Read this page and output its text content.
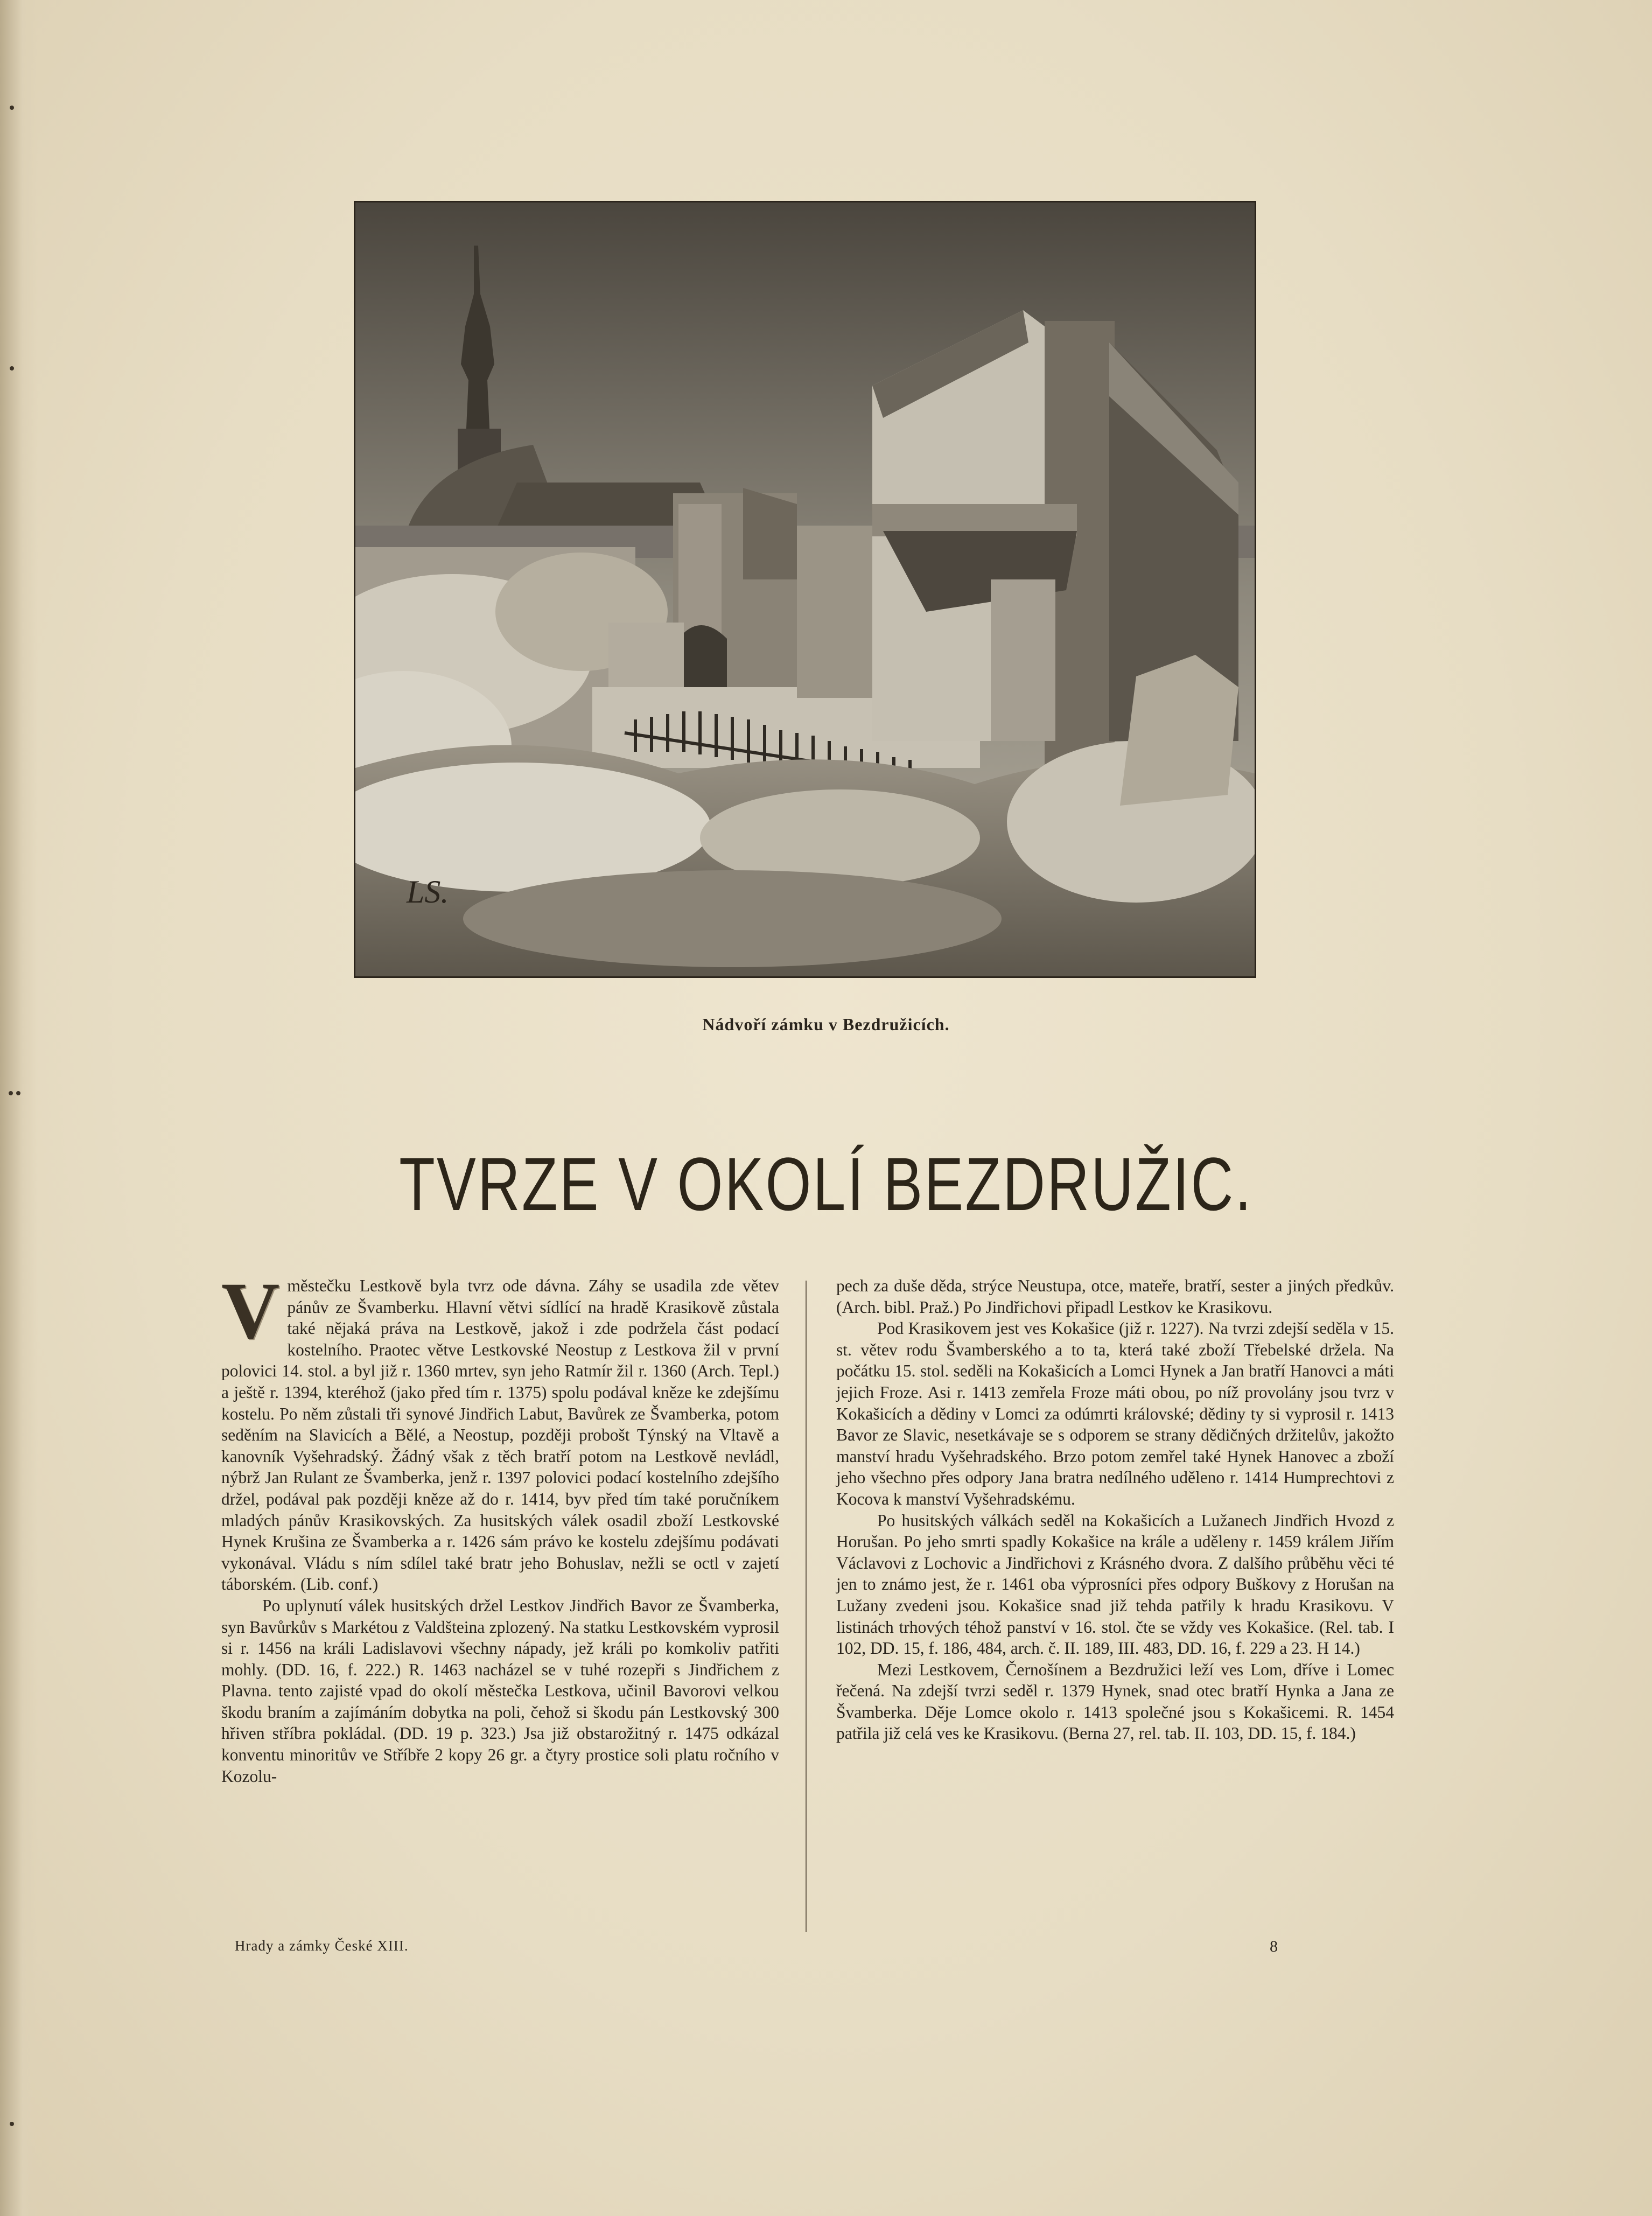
LS.
Nádvoří zámku v Bezdružicích.
TVRZE V OKOLÍ BEZDRUŽIC.

Vměstečku Lestkově byla tvrz ode dávna. Záhy se usadila zde větev pánův ze Švamberku. Hlavní větvi sídlící na hradě Krasikově zůstala také nějaká práva na Lestkově, jakož i zde podržela část podací kostelního. Praotec větve Lestkovské Neostup z Lestkova žil v první polovici 14. stol. a byl již r. 1360 mrtev, syn jeho Ratmír žil r. 1360 (Arch. Tepl.) a ještě r. 1394, kteréhož (jako před tím r. 1375) spolu podával kněze ke zdejšímu kostelu. Po něm zůstali tři synové Jindřich Labut, Bavůrek ze Švamberka, potom seděním na Slavicích a Bělé, a Neostup, později probošt Týnský na Vltavě a kanovník Vyšehradský. Žádný však z těch bratří potom na Lestkově nevládl, nýbrž Jan Rulant ze Švamberka, jenž r. 1397 polovici podací kostelního zdejšího držel, podával pak později kněze až do r. 1414, byv před tím také poručníkem mladých pánův Krasikovských. Za husitských válek osadil zboží Lestkovské Hynek Krušina ze Švamberka a r. 1426 sám právo ke kostelu zdejšímu podávati vykonával. Vládu s ním sdílel také bratr jeho Bohuslav, nežli se octl v zajetí táborském. (Lib. conf.)

Po uplynutí válek husitských držel Lestkov Jindřich Bavor ze Švamberka, syn Bavůrkův s Markétou z Valdšteina zplozený. Na statku Lestkovském vyprosil si r. 1456 na králi Ladislavovi všechny nápady, jež králi po komkoliv patřiti mohly. (DD. 16, f. 222.) R. 1463 nacházel se v tuhé rozepři s Jindřichem z Plavna. tento zajisté vpad do okolí městečka Lestkova, učinil Bavorovi velkou škodu braním a zajímáním dobytka na poli, čehož si škodu pán Lestkovský 300 hřiven stříbra pokládal. (DD. 19 p. 323.) Jsa již obstarožitný r. 1475 odkázal konventu minoritův ve Stříbře 2 kopy 26 gr. a čtyry prostice soli platu ročního v Kozolu-

pech za duše děda, strýce Neustupa, otce, mateře, bratří, sester a jiných předkův. (Arch. bibl. Praž.) Po Jindřichovi připadl Lestkov ke Krasikovu.

Pod Krasikovem jest ves Kokašice (již r. 1227). Na tvrzi zdejší seděla v 15. st. větev rodu Švamberského a to ta, která také zboží Třebelské držela. Na počátku 15. stol. seděli na Kokašicích a Lomci Hynek a Jan bratří Hanovci a máti jejich Froze. Asi r. 1413 zemřela Froze máti obou, po níž provolány jsou tvrz v Kokašicích a dědiny v Lomci za odúmrti královské; dědiny ty si vyprosil r. 1413 Bavor ze Slavic, nesetkávaje se s odporem se strany dědičných držitelův, jakožto manství hradu Vyšehradského. Brzo potom zemřel také Hynek Hanovec a zboží jeho všechno přes odpory Jana bratra nedílného uděleno r. 1414 Humprechtovi z Kocova k manství Vyšehradskému.

Po husitských válkách seděl na Kokašicích a Lužanech Jindřich Hvozd z Horušan. Po jeho smrti spadly Kokašice na krále a uděleny r. 1459 králem Jiřím Václavovi z Lochovic a Jindřichovi z Krásného dvora. Z dalšího průběhu věci té jen to známo jest, že r. 1461 oba výprosníci přes odpory Buškovy z Horušan na Lužany zvedeni jsou. Kokašice snad již tehda patřily k hradu Krasikovu. V listinách trhových téhož panství v 16. stol. čte se vždy ves Kokašice. (Rel. tab. I 102, DD. 15, f. 186, 484, arch. č. II. 189, III. 483, DD. 16, f. 229 a 23. H 14.)

Mezi Lestkovem, Černošínem a Bezdružici leží ves Lom, dříve i Lomec řečená. Na zdejší tvrzi seděl r. 1379 Hynek, snad otec bratří Hynka a Jana ze Švamberka. Děje Lomce okolo r. 1413 společné jsou s Kokašicemi. R. 1454 patřila již celá ves ke Krasikovu. (Berna 27, rel. tab. II. 103, DD. 15, f. 184.)

Hrady a zámky České XIII.	8
